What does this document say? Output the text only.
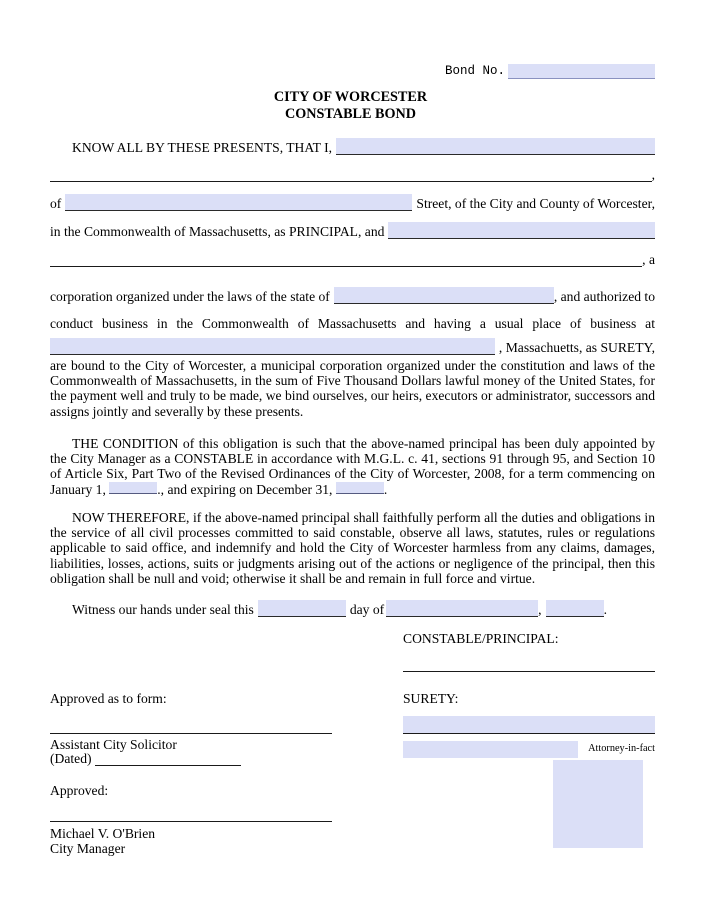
Bond No.
CITY OF WORCESTER
CONSTABLE BOND
KNOW ALL BY THESE PRESENTS, THAT I,
,
of	Street, of the City and County of Worcester,
in the Commonwealth of Massachusetts, as PRINCIPAL, and
, a
corporation organized under the laws of the state of	, and authorized to
conduct business in the Commonwealth of Massachusetts and having a usual place of business at
, Massachuetts, as SURETY,
are bound to the City of Worcester, a municipal corporation organized under the constitution and laws of the Commonwealth of Massachusetts, in the sum of Five Thousand Dollars lawful money of the United States, for the payment well and truly to be made, we bind ourselves, our heirs, executors or administrator, successors and assigns jointly and severally by these presents.
THE CONDITION of this obligation is such that the above-named principal has been duly appointed by the City Manager as a CONSTABLE in accordance with M.G.L. c. 41, sections 91 through 95, and Section 10 of Article Six, Part Two of the Revised Ordinances of the City of Worcester, 2008, for a term commencing on January 1,	., and expiring on December 31,	.
NOW THEREFORE, if the above-named principal shall faithfully perform all the duties and obligations in the service of all civil processes committed to said constable, observe all laws, statutes, rules or regulations applicable to said office, and indemnify and hold the City of Worcester harmless from any claims, damages, liabilities, losses, actions, suits or judgments arising out of the actions or negligence of the principal, then this obligation shall be null and void; otherwise it shall be and remain in full force and virtue.
Witness our hands under seal this	day of	,	.
CONSTABLE/PRINCIPAL:
Approved as to form:	SURETY:
Attorney-in-fact
Assistant City Solicitor
(Dated)
Approved:
Michael V. O'Brien
City Manager
